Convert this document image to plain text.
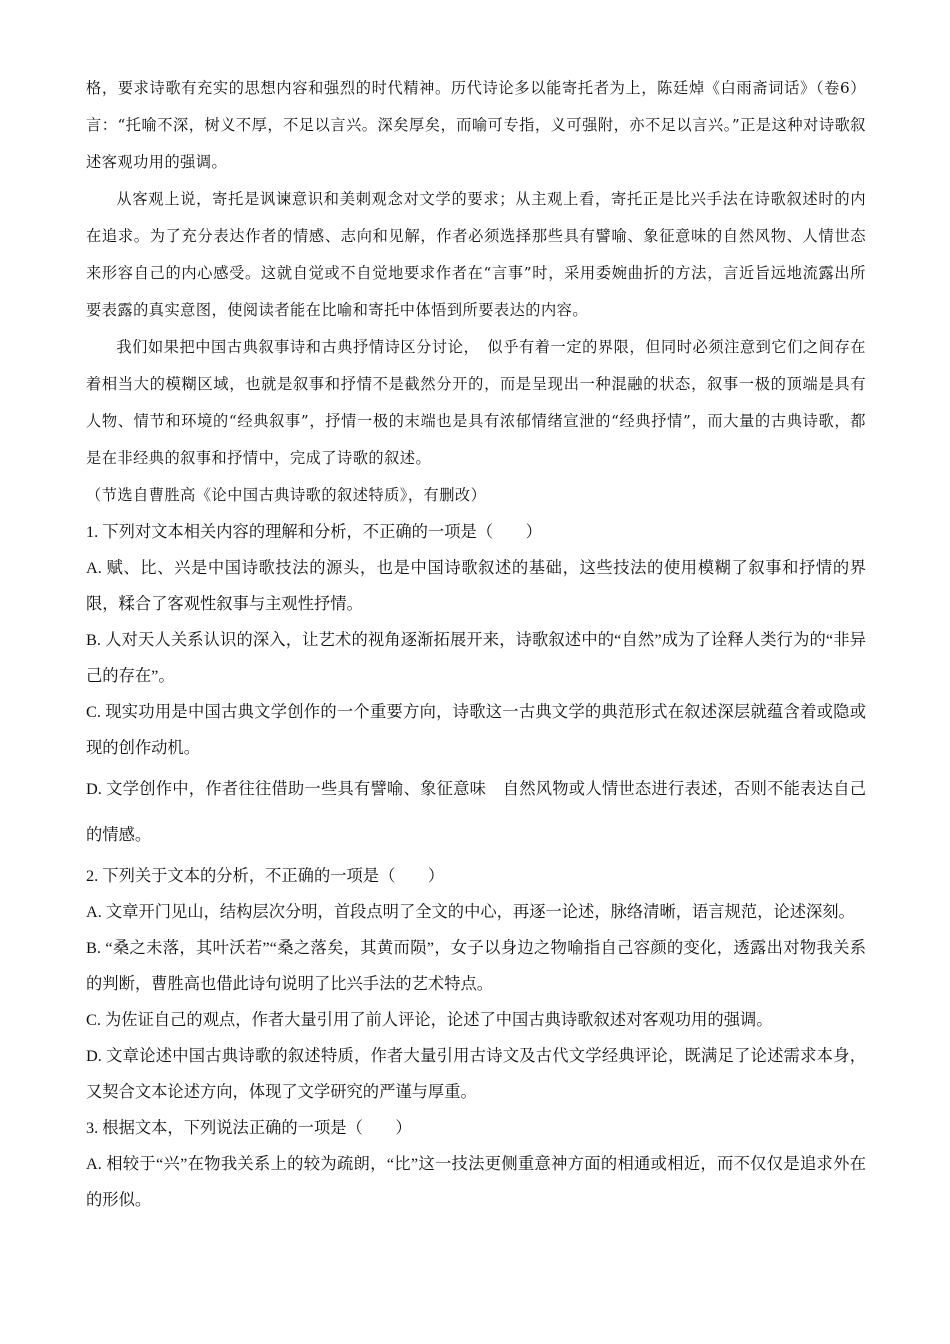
格，要求诗歌有充实的思想内容和强烈的时代精神。历代诗论多以能寄托者为上，陈廷焯《白雨斋词话》（卷6）言：“托喻不深，树义不厚，不足以言兴。深矣厚矣，而喻可专指，义可强附，亦不足以言兴。”正是这种对诗歌叙述客观功用的强调。

从客观上说，寄托是讽谏意识和美刺观念对文学的要求；从主观上看，寄托正是比兴手法在诗歌叙述时的内在追求。为了充分表达作者的情感、志向和见解，作者必须选择那些具有譬喻、象征意味的自然风物、人情世态来形容自己的内心感受。这就自觉或不自觉地要求作者在“言事”时，采用委婉曲折的方法，言近旨远地流露出所要表露的真实意图，使阅读者能在比喻和寄托中体悟到所要表达的内容。

我们如果把中国古典叙事诗和古典抒情诗区分讨论，　似乎有着一定的界限，但同时必须注意到它们之间存在着相当大的模糊区域，也就是叙事和抒情不是截然分开的，而是呈现出一种混融的状态，叙事一极的顶端是具有人物、情节和环境的“经典叙事”，抒情一极的末端也是具有浓郁情绪宣泄的“经典抒情”，而大量的古典诗歌，都是在非经典的叙事和抒情中，完成了诗歌的叙述。

（节选自曹胜高《论中国古典诗歌的叙述特质》，有删改）

1. 下列对文本相关内容的理解和分析，不正确的一项是（　　）

A. 赋、比、兴是中国诗歌技法的源头，也是中国诗歌叙述的基础，这些技法的使用模糊了叙事和抒情的界限，糅合了客观性叙事与主观性抒情。

B. 人对天人关系认识的深入，让艺术的视角逐渐拓展开来，诗歌叙述中的“自然”成为了诠释人类行为的“非异己的存在”。

C. 现实功用是中国古典文学创作的一个重要方向，诗歌这一古典文学的典范形式在叙述深层就蕴含着或隐或现的创作动机。

D. 文学创作中，作者往往借助一些具有譬喻、象征意味　自然风物或人情世态进行表述，否则不能表达自己的情感。

2. 下列关于文本的分析，不正确的一项是（　　）

A. 文章开门见山，结构层次分明，首段点明了全文的中心，再逐一论述，脉络清晰，语言规范，论述深刻。

B. “桑之未落，其叶沃若”“桑之落矣，其黄而陨”，女子以身边之物喻指自己容颜的变化，透露出对物我关系的判断，曹胜高也借此诗句说明了比兴手法的艺术特点。

C. 为佐证自己的观点，作者大量引用了前人评论，论述了中国古典诗歌叙述对客观功用的强调。

D. 文章论述中国古典诗歌的叙述特质，作者大量引用古诗文及古代文学经典评论，既满足了论述需求本身，又契合文本论述方向，体现了文学研究的严谨与厚重。

3. 根据文本，下列说法正确的一项是（　　）

A. 相较于“兴”在物我关系上的较为疏朗，“比”这一技法更侧重意神方面的相通或相近，而不仅仅是追求外在的形似。
